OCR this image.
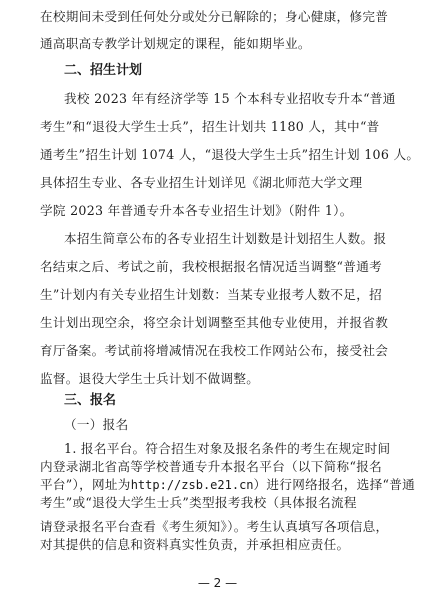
在校期间未受到任何处分或处分已解除的；身心健康，修完普
通高职高专教学计划规定的课程，能如期毕业。
二、招生计划
我校 2023 年有经济学等 15 个本科专业招收专升本“普通
考生”和“退役大学生士兵”，招生计划共 1180 人，其中“普
通考生”招生计划 1074 人，“退役大学生士兵”招生计划 106 人。
具体招生专业、各专业招生计划详见《湖北师范大学文理
学院 2023 年普通专升本各专业招生计划》（附件 1）。
本招生简章公布的各专业招生计划数是计划招生人数。报
名结束之后、考试之前，我校根据报名情况适当调整“普通考
生”计划内有关专业招生计划数：当某专业报考人数不足，招
生计划出现空余，将空余计划调整至其他专业使用，并报省教
育厅备案。考试前将增减情况在我校工作网站公布，接受社会
监督。退役大学生士兵计划不做调整。
三、报名
（一）报名
1. 报名平台。符合招生对象及报名条件的考生在规定时间
内登录湖北省高等学校普通专升本报名平台（以下简称“报名
平台”），网址为http://zsb.e21.cn）进行网络报名，选择“普通
考生”或“退役大学生士兵”类型报考我校（具体报名流程
— 2 —
请登录报名平台查看《考生须知》）。考生认真填写各项信息，
对其提供的信息和资料真实性负责，并承担相应责任。
